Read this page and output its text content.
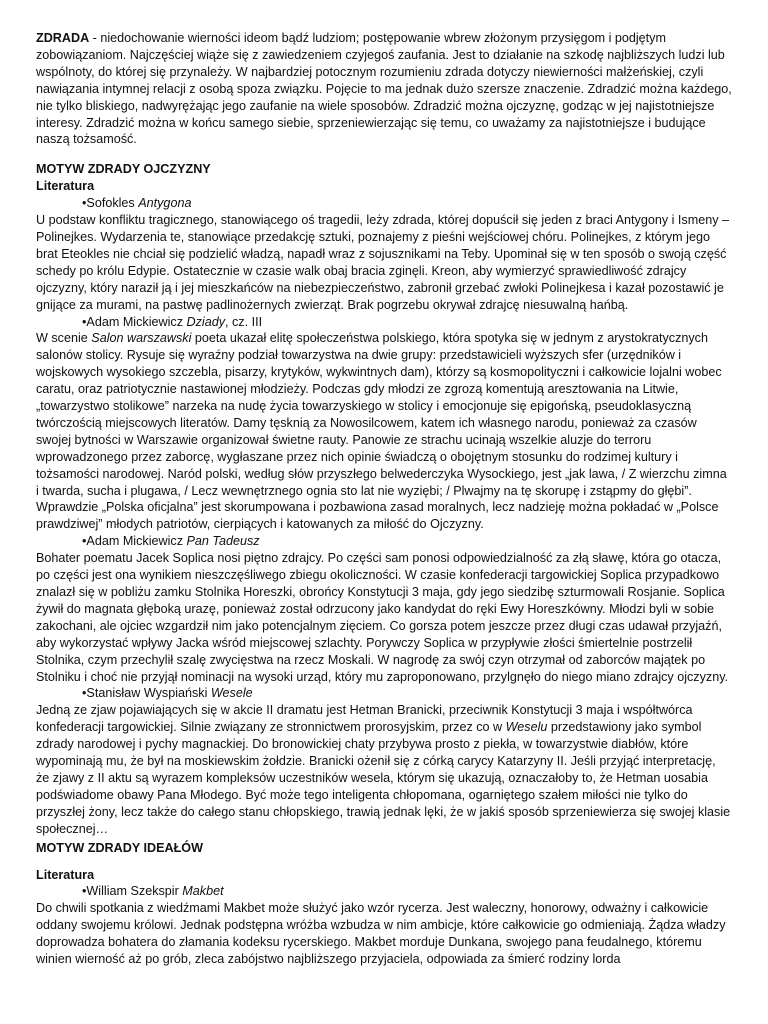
ZDRADA - niedochowanie wierności ideom bądź ludziom; postępowanie wbrew złożonym przysięgom i podjętym zobowiązaniom. Najczęściej wiąże się z zawiedzeniem czyjegoś zaufania. Jest to działanie na szkodę najbliższych ludzi lub wspólnoty, do której się przynależy. W najbardziej potocznym rozumieniu zdrada dotyczy niewierności małżeńskiej, czyli nawiązania intymnej relacji z osobą spoza związku. Pojęcie to ma jednak dużo szersze znaczenie. Zdradzić można każdego, nie tylko bliskiego, nadwyrężając jego zaufanie na wiele sposobów. Zdradzić można ojczyznę, godząc w jej najistotniejsze interesy. Zdradzić można w końcu samego siebie, sprzeniewierzając się temu, co uważamy za najistotniejsze i budujące naszą tożsamość.

MOTYW ZDRADY OJCZYZNY
Literatura
•Sofokles Antygona

U podstaw konfliktu tragicznego, stanowiącego oś tragedii, leży zdrada, której dopuścił się jeden z braci Antygony i Ismeny – Polinejkes. Wydarzenia te, stanowiące przedakcję sztuki, poznajemy z pieśni wejściowej chóru. Polinejkes, z którym jego brat Eteokles nie chciał się podzielić władzą, napadł wraz z sojusznikami na Teby. Upominał się w ten sposób o swoją część schedy po królu Edypie. Ostatecznie w czasie walk obaj bracia zginęli. Kreon, aby wymierzyć sprawiedliwość zdrajcy ojczyzny, który naraził ją i jej mieszkańców na niebezpieczeństwo, zabronił grzebać zwłoki Polinejkesa i kazał pozostawić je gnijące za murami, na pastwę padlinożernych zwierząt. Brak pogrzebu okrywał zdrajcę niesuwalną hańbą.

•Adam Mickiewicz Dziady, cz. III

W scenie Salon warszawski poeta ukazał elitę społeczeństwa polskiego, która spotyka się w jednym z arystokratycznych salonów stolicy. Rysuje się wyraźny podział towarzystwa na dwie grupy: przedstawicieli wyższych sfer (urzędników i wojskowych wysokiego szczebla, pisarzy, krytyków, wykwintnych dam), którzy są kosmopolityczni i całkowicie lojalni wobec caratu, oraz patriotycznie nastawionej młodzieży. Podczas gdy młodzi ze zgrozą komentują aresztowania na Litwie, „towarzystwo stolikowe” narzeka na nudę życia towarzyskiego w stolicy i emocjonuje się epigońską, pseudoklasyczną twórczością miejscowych literatów. Damy tęsknią za Nowosilcowem, katem ich własnego narodu, ponieważ za czasów swojej bytności w Warszawie organizował świetne rauty. Panowie ze strachu ucinają wszelkie aluzje do terroru wprowadzonego przez zaborcę, wygłaszane przez nich opinie świadczą o obojętnym stosunku do rodzimej kultury i tożsamości narodowej. Naród polski, według słów przyszłego belwederczyka Wysockiego, jest „jak lawa, / Z wierzchu zimna i twarda, sucha i plugawa, / Lecz wewnętrznego ognia sto lat nie wyziębi; / Plwajmy na tę skorupę i zstąpmy do głębi”. Wprawdzie „Polska oficjalna” jest skorumpowana i pozbawiona zasad moralnych, lecz nadzieję można pokładać w „Polsce prawdziwej” młodych patriotów, cierpiących i katowanych za miłość do Ojczyzny.

•Adam Mickiewicz Pan Tadeusz

Bohater poematu Jacek Soplica nosi piętno zdrajcy. Po części sam ponosi odpowiedzialność za złą sławę, która go otacza, po części jest ona wynikiem nieszczęśliwego zbiegu okoliczności. W czasie konfederacji targowickiej Soplica przypadkowo znalazł się w pobliżu zamku Stolnika Horeszki, obrońcy Konstytucji 3 maja, gdy jego siedzibę szturmowali Rosjanie. Soplica żywił do magnata głęboką urazę, ponieważ został odrzucony jako kandydat do ręki Ewy Horeszkówny. Młodzi byli w sobie zakochani, ale ojciec wzgardził nim jako potencjalnym zięciem. Co gorsza potem jeszcze przez długi czas udawał przyjaźń, aby wykorzystać wpływy Jacka wśród miejscowej szlachty. Porywczy Soplica w przypływie złości śmiertelnie postrzelił Stolnika, czym przechylił szalę zwycięstwa na rzecz Moskali. W nagrodę za swój czyn otrzymał od zaborców majątek po Stolniku i choć nie przyjął nominacji na wysoki urząd, który mu zaproponowano, przylgnęło do niego miano zdrajcy ojczyzny.

•Stanisław Wyspiański Wesele

Jedną ze zjaw pojawiających się w akcie II dramatu jest Hetman Branicki, przeciwnik Konstytucji 3 maja i współtwórca konfederacji targowickiej. Silnie związany ze stronnictwem prorosyjskim, przez co w Weselu przedstawiony jako symbol zdrady narodowej i pychy magnackiej. Do bronowickiej chaty przybywa prosto z piekła, w towarzystwie diabłów, które wypominają mu, że był na moskiewskim żołdzie. Branicki ożenił się z córką carycy Katarzyny II. Jeśli przyjąć interpretację, że zjawy z II aktu są wyrazem kompleksów uczestników wesela, którym się ukazują, oznaczałoby to, że Hetman uosabia podświadome obawy Pana Młodego. Być może tego inteligenta chłopomana, ogarniętego szałem miłości nie tylko do przyszłej żony, lecz także do całego stanu chłopskiego, trawią jednak lęki, że w jakiś sposób sprzeniewierza się swojej klasie społecznej…

MOTYW ZDRADY IDEAŁÓW
Literatura
•William Szekspir Makbet

Do chwili spotkania z wiedźmami Makbet może służyć jako wzór rycerza. Jest waleczny, honorowy, odważny i całkowicie oddany swojemu królowi. Jednak podstępna wróżba wzbudza w nim ambicje, które całkowicie go odmieniają. Żądza władzy doprowadza bohatera do złamania kodeksu rycerskiego. Makbet morduje Dunkana, swojego pana feudalnego, któremu winien wierność aż po grób, zleca zabójstwo najbliższego przyjaciela, odpowiada za śmierć rodziny lorda
